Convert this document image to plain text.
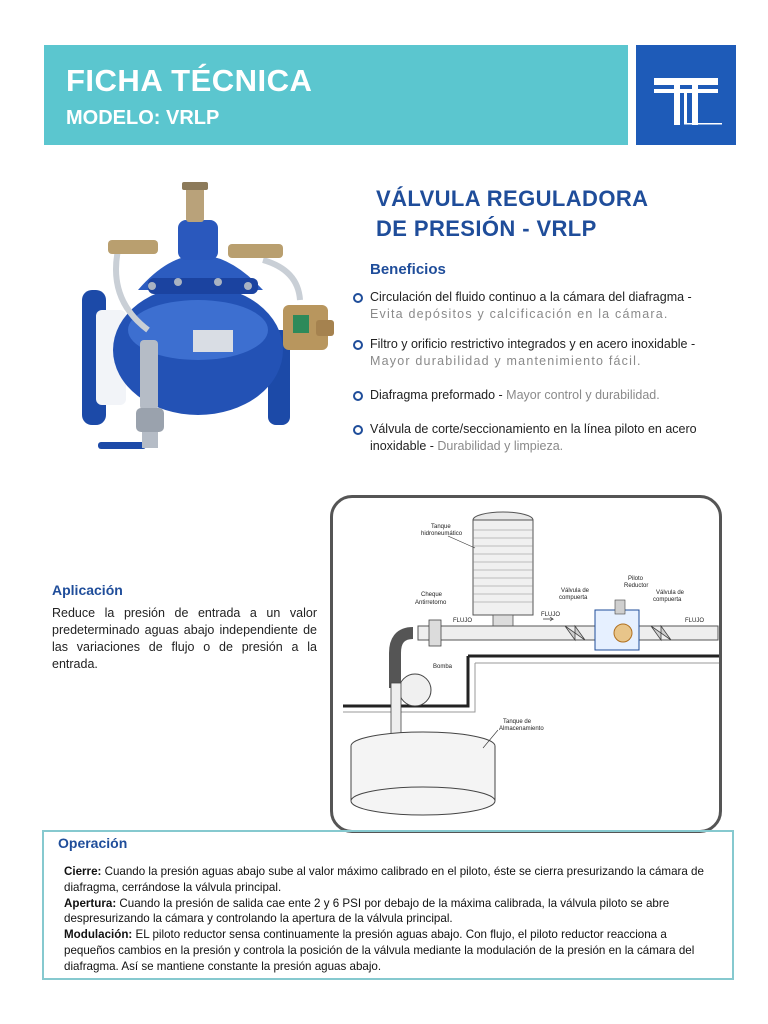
FICHA TÉCNICA
MODELO: VRLP
VÁLVULA REGULADORA
DE PRESIÓN - VRLP
Beneficios
Circulación del fluido continuo a la cámara del diafragma -
Evita depósitos y calcificación en la cámara.
Filtro y orificio restrictivo integrados y en acero inoxidable -
Mayor durabilidad y mantenimiento fácil.
Diafragma preformado - Mayor control y durabilidad.
Válvula de corte/seccionamiento en la línea piloto en acero inoxidable - Durabilidad y limpieza.
Aplicación
Reduce la presión de entrada a un valor predeterminado aguas abajo independiente de las variaciones de flujo o de presión a la entrada.
Tanque
hidroneumático
Cheque
Antirretorno
FLUJO
FLUJO
FLUJO
Válvula de
compuerta
Piloto
Reductor
Válvula de
compuerta
Bomba
Tanque de
Almacenamiento
Operación
Cierre: Cuando la presión aguas abajo sube al valor máximo calibrado en el piloto, éste se cierra presurizando la cámara de diafragma, cerrándose la válvula principal.
Apertura: Cuando la presión de salida cae ente 2 y 6 PSI por debajo de la máxima calibrada, la válvula piloto se abre despresurizando la cámara y controlando la apertura de la válvula principal.
Modulación: EL piloto reductor sensa continuamente la presión aguas abajo. Con flujo, el piloto reductor reacciona a pequeños cambios en la presión y controla la posición de la válvula mediante la modulación de la presión en la cámara del diafragma. Así se mantiene constante la presión aguas abajo.
